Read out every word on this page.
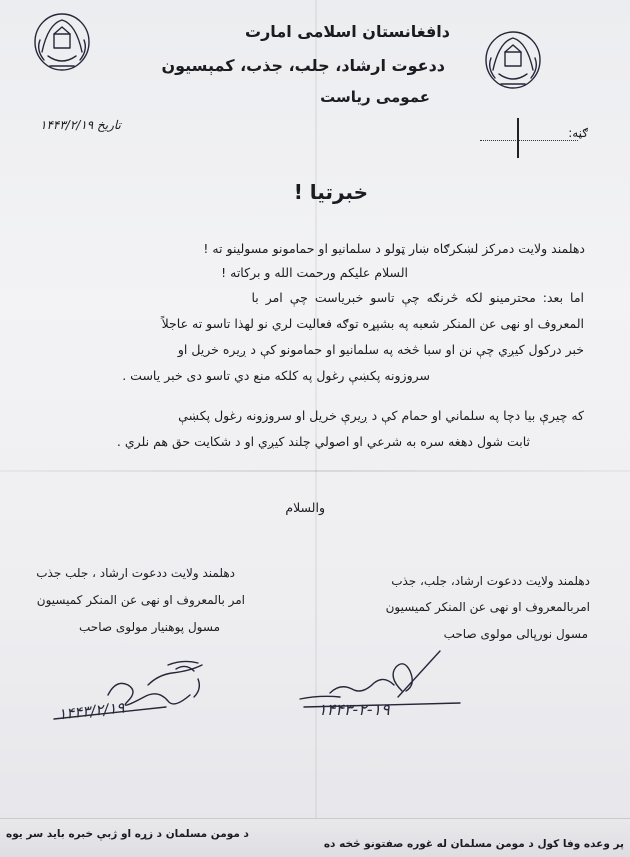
دافغانستان اسلامی امارت
ددعوت ارشاد، جلب، جذب، کمېسيون
عمومی رياست
تاريخ ۱۴۴۳/۲/۱۹
ګڼه:
خبرتيا !
دهلمند ولايت دمرکز لښکرګاه ښار ټولو د سلمانيو او حمامونو مسولينو ته !
السلام عليکم ورحمت الله و برکاته !
اما بعد: محترمينو لکه څرنګه چې تاسو خبرياست چې امر با
المعروف او نهی عن المنکر شعبه په بشپړه توګه فعاليت لري نو لهذا تاسو ته عاجلاً
خبر درکول کيږي چې نن او سبا څخه په سلمانيو او حمامونو کې د ږيره خريل او
سروزونه پکښې رغول په کلکه منع دي تاسو دی خبر ياست .
که چيرې بيا دچا په سلماني او حمام کې د ږيرې خريل او سروزونه رغول پکښې
ثابت شول دهغه سره به شرعي او اصولي چلند کيږي او د شکايت حق هم نلري .
والسلام
دهلمند ولايت ددعوت ارشاد ، جلب جذب
امر بالمعروف او نهی عن المنکر کمیسیون
مسول پوهنيار مولوی صاحب
دهلمند ولايت ددعوت ارشاد، جلب، جذب
امربالمعروف او نهی عن المنکر کميسيون
مسول نورپالی مولوی صاحب
۱۴۴۳/۲/۱۹	۱۴۴۳-۲-۱۹
د مومن مسلمان د زړه او ژبې خبره بايد سر يوه
پر وعده وفا کول د مومن مسلمان له غوره صفتونو څخه ده
